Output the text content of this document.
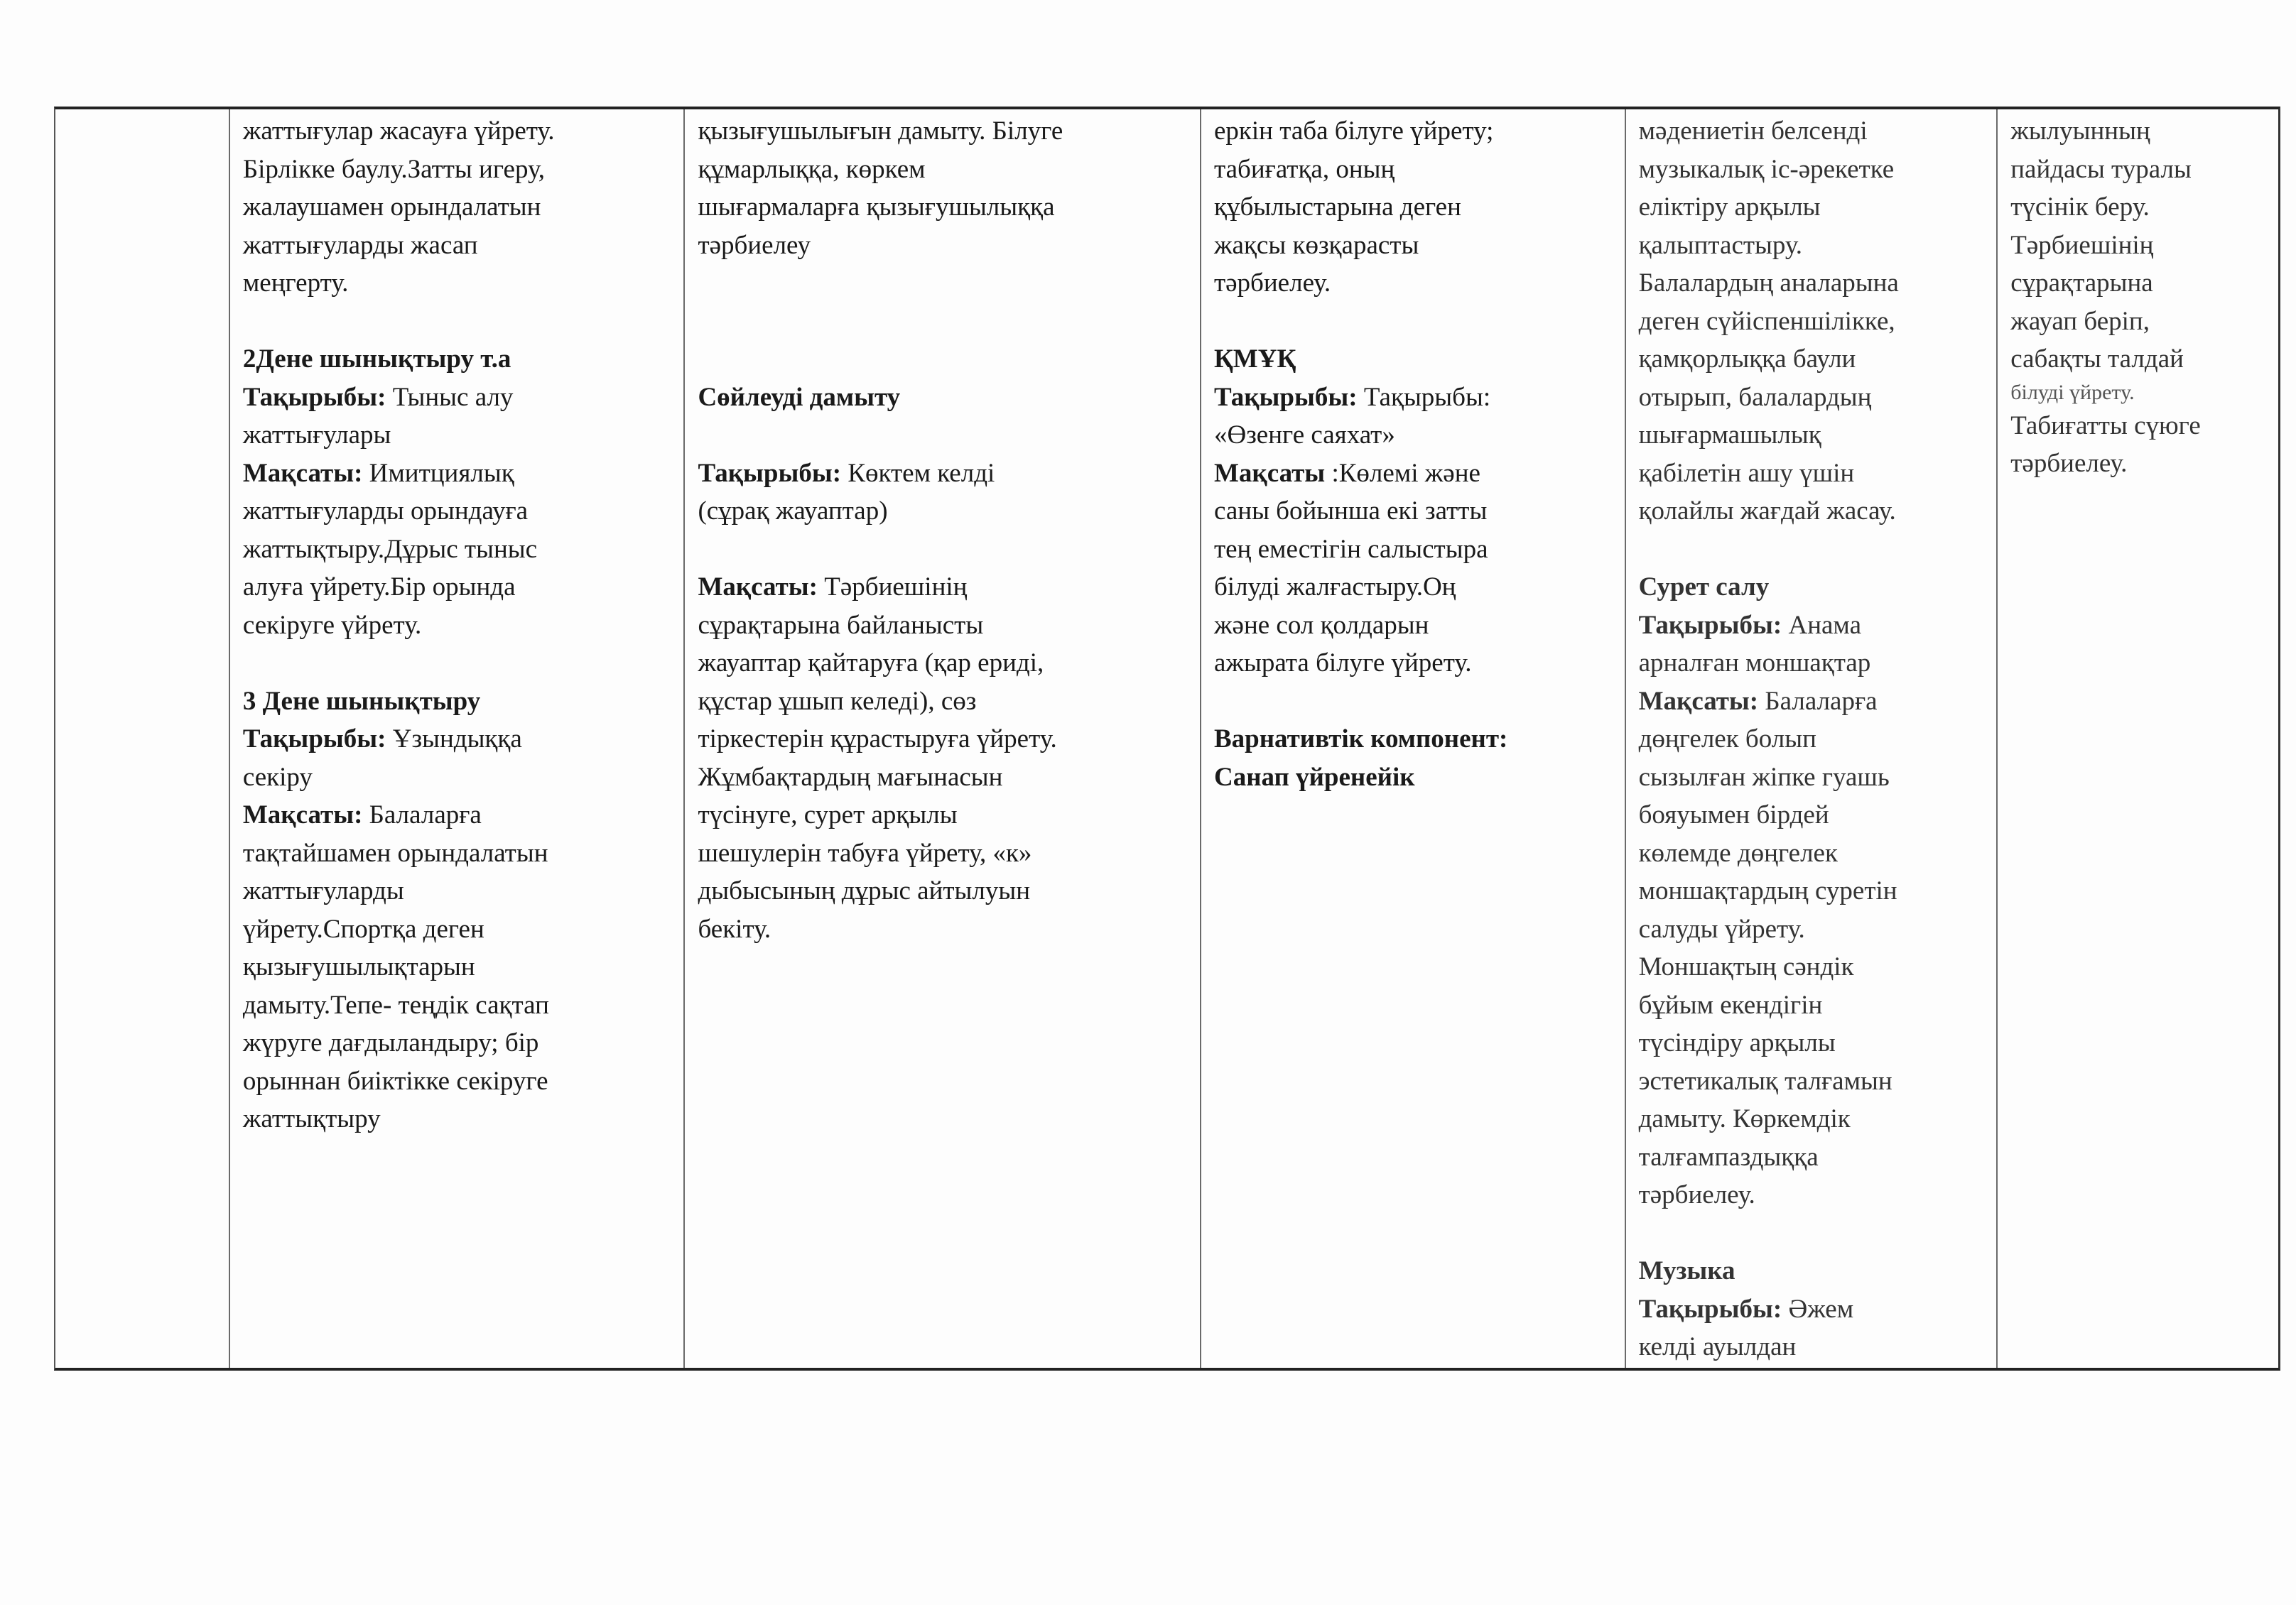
жаттығулар жасауға үйрету.
Бірлікке баулу.Затты игеру,
жалаушамен орындалатын
жаттығуларды жасап
меңгерту.
2Дене шынықтыру т.а
Тақырыбы: Тыныс алу
жаттығулары
Мақсаты: Имитциялық
жаттығуларды орындауға
жаттықтыру.Дұрыс тыныс
алуға үйрету.Бір орында
секіруге үйрету.
3 Дене шынықтыру
Тақырыбы: Ұзындыққа
секіру
Мақсаты: Балаларға
тақтайшамен орындалатын
жаттығуларды
үйрету.Спортқа деген
қызығушылықтарын
дамыту.Тепе- теңдік сақтап
жүруге дағдыландыру; бір
орыннан биіктікке секіруге
жаттықтыру
қызығушылығын дамыту. Білуге
құмарлыққа, көркем
шығармаларға қызығушылыққа
тәрбиелеу
Сөйлеуді дамыту
Тақырыбы: Көктем келді
(сұрақ жауаптар)
Мақсаты: Тәрбиешінің
сұрақтарына байланысты
жауаптар қайтаруға (қар ериді,
құстар ұшып келеді), сөз
тіркестерін құрастыруға үйрету.
Жұмбақтардың мағынасын
түсінуге, сурет арқылы
шешулерін табуға үйрету, «к»
дыбысының дұрыс айтылуын
бекіту.
еркін таба білуге үйрету;
табиғатқа, оның
құбылыстарына деген
жақсы көзқарасты
тәрбиелеу.
ҚМҰҚ
Тақырыбы: Тақырыбы:
«Өзенге саяхат»
Мақсаты :Көлемі және
саны бойынша екі затты
тең еместігін салыстыра
білуді жалғастыру.Оң
және сол қолдарын
ажырата білуге үйрету.
Варнативтік компонент:
Санап үйренейік
мәдениетін белсенді
музыкалық іс-әрекетке
еліктіру арқылы
қалыптастыру.
Балалардың аналарына
деген сүйіспеншілікке,
қамқорлыққа баули
отырып, балалардың
шығармашылық
қабілетін ашу үшін
қолайлы жағдай жасау.
Сурет салу
Тақырыбы: Анама
арналған моншақтар
Мақсаты: Балаларға
дөңгелек болып
сызылған жіпке гуашь
бояуымен бірдей
көлемде дөңгелек
моншақтардың суретін
салуды үйрету.
Моншақтың сәндік
бұйым екендігін
түсіндіру арқылы
эстетикалық талғамын
дамыту. Көркемдік
талғампаздыққа
тәрбиелеу.
Музыка
Тақырыбы: Әжем
келді ауылдан
жылуынның
пайдасы туралы
түсінік беру.
Тәрбиешінің
сұрақтарына
жауап беріп,
сабақты талдай
білуді үйрету.
Табиғатты сүюге
тәрбиелеу.
